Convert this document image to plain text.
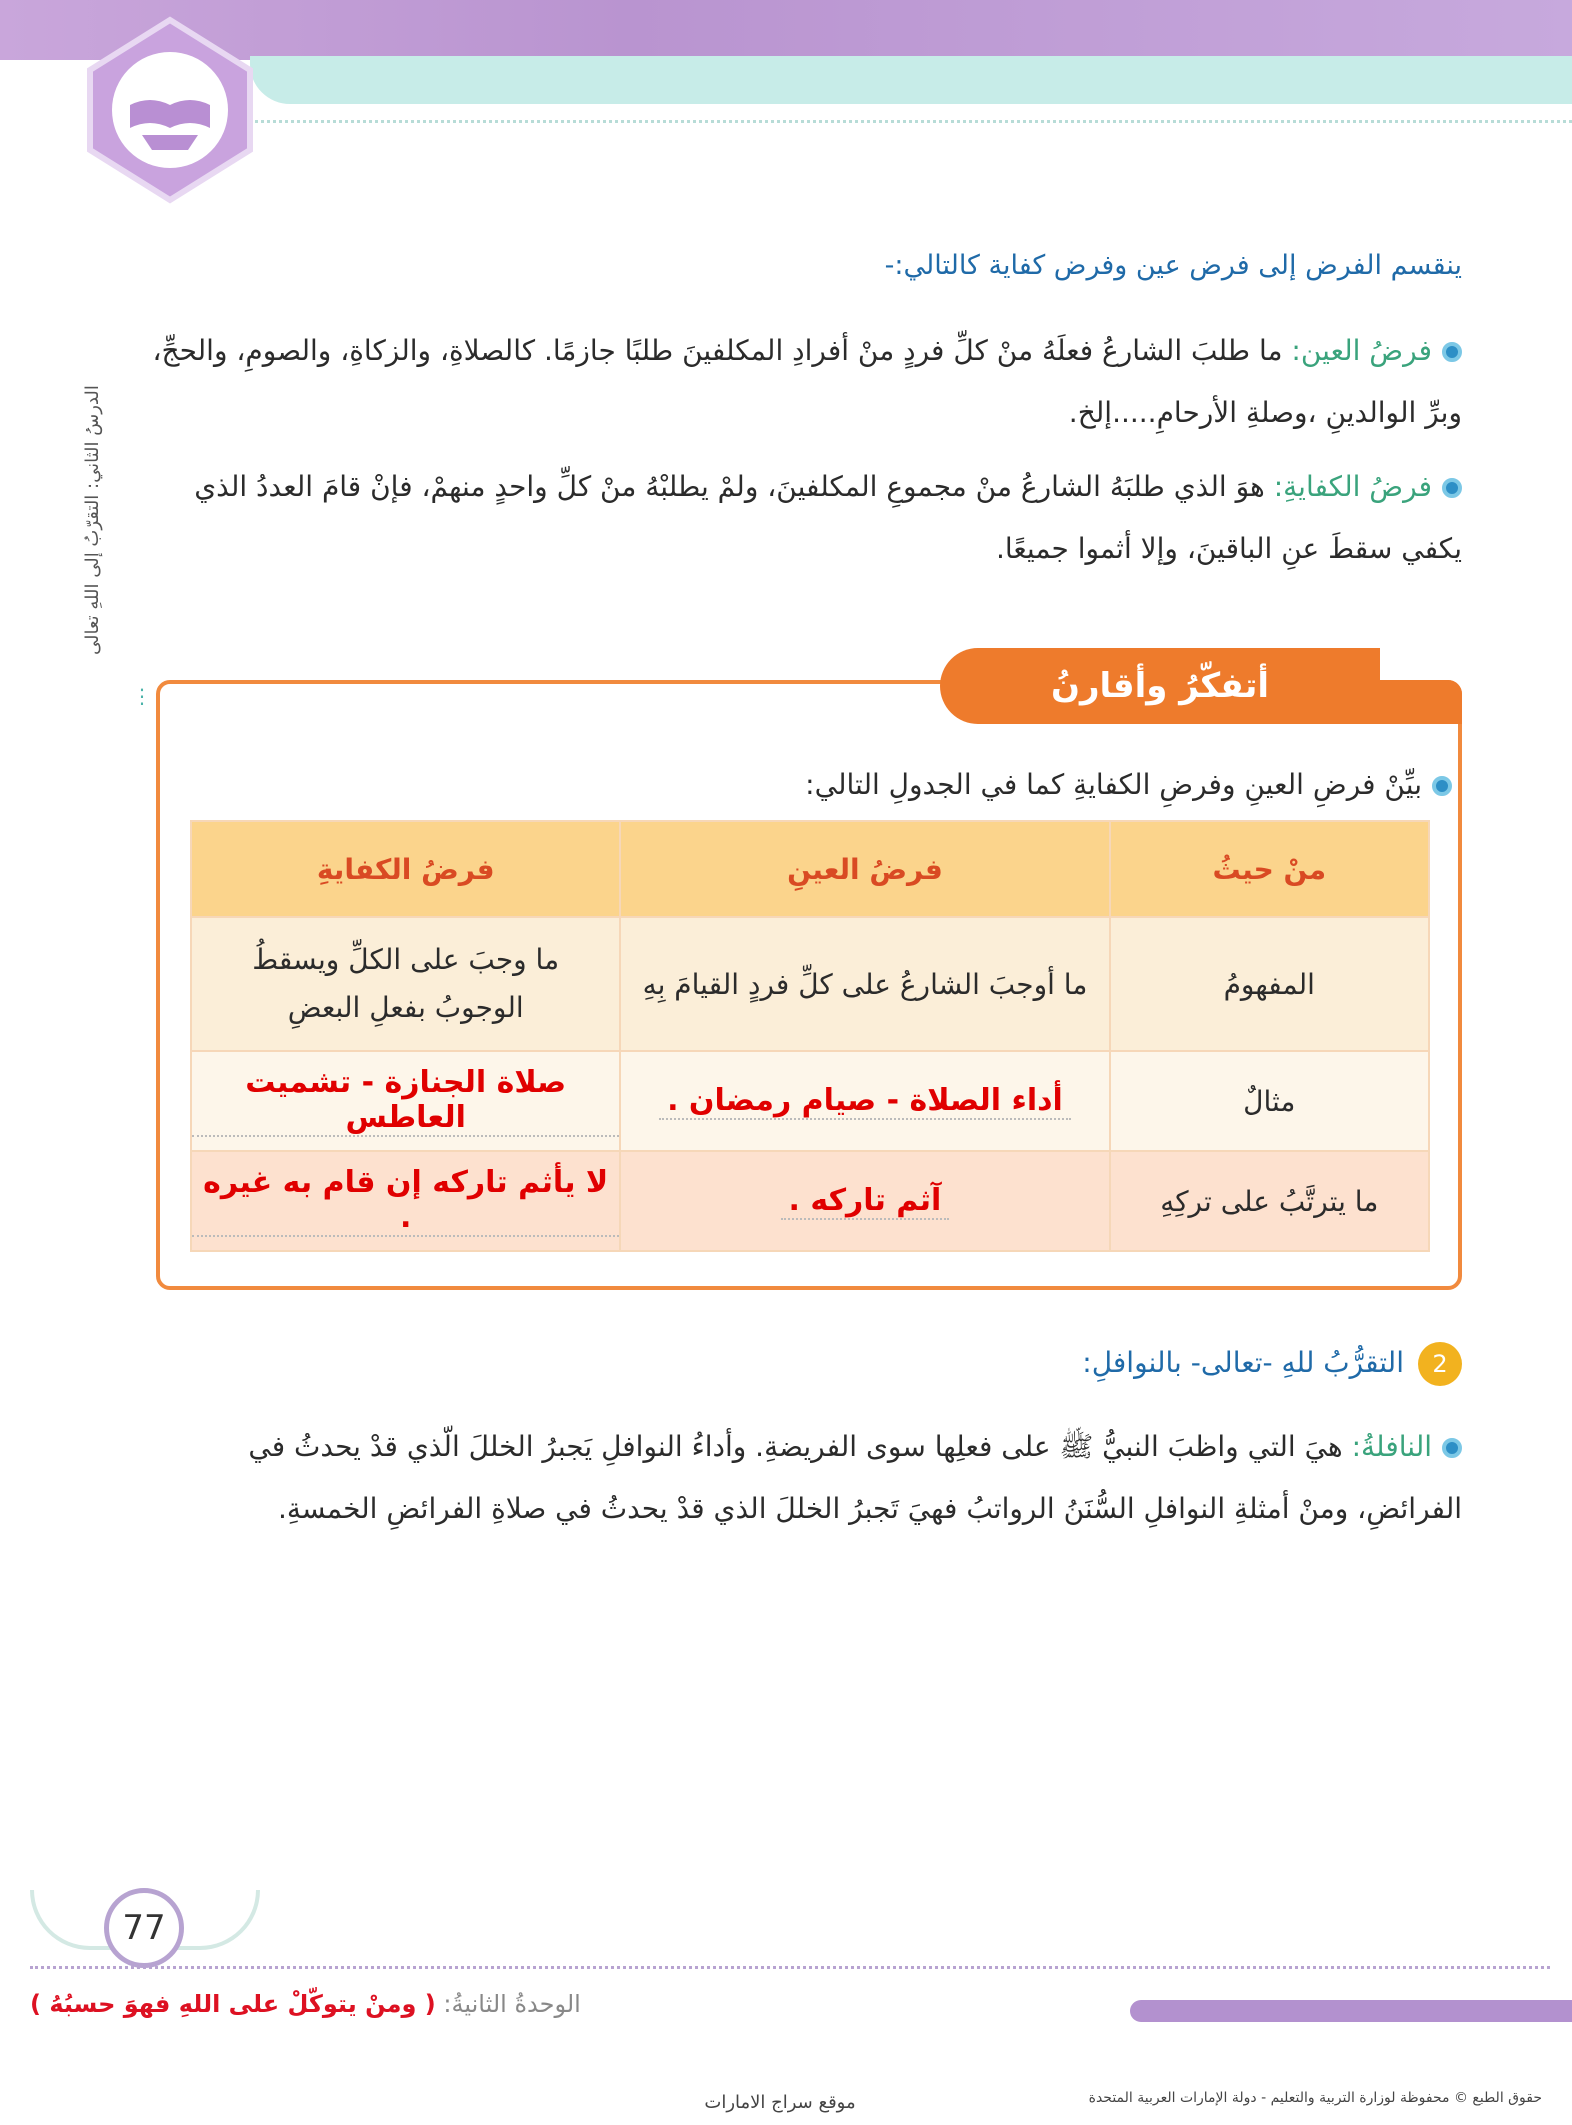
الدرسُ الثاني: التقرّبُ إلى اللهِ تعالى
⋮
ينقسم الفرض إلى فرض عين وفرض كفاية كالتالي:-
فرضُ العين: ما طلبَ الشارعُ فعلَهُ منْ كلِّ فردٍ منْ أفرادِ المكلفينَ طلبًا جازمًا. كالصلاةِ، والزكاةِ، والصومِ، والحجِّ، وبرِّ الوالدينِ ،وصلةِ الأرحامِ.....إلخ.
فرضُ الكفايةِ: هوَ الذي طلبَهُ الشارعُ منْ مجموعِ المكلفينَ، ولمْ يطلبْهُ منْ كلِّ واحدٍ منهمْ، فإنْ قامَ العددُ الذي يكفي سقطَ عنِ الباقينَ، وإلا أثموا جميعًا.
أتفكّرُ وأقارنُ
بيِّنْ فرضِ العينِ وفرضِ الكفايةِ كما في الجدولِ التالي:
منْ حيثُ	فرضُ العينِ	فرضُ الكفايةِ
المفهومُ	ما أوجبَ الشارعُ على كلِّ فردٍ القيامَ بِهِ	ما وجبَ على الكلِّ ويسقطُ الوجوبُ بفعلِ البعضِ
مثالٌ	أداء الصلاة - صيام رمضان .	صلاة الجنازة - تشميت العاطس
ما يترتَّبُ على تركِهِ	آثم تاركه .	لا يأثم تاركه إن قام به غيره .
2التقرُّبُ للهِ -تعالى- بالنوافلِ:
النافلةُ: هيَ التي واظبَ النبيُّ ﷺ على فعلِها سوى الفريضةِ. وأداءُ النوافلِ يَجبرُ الخللَ الّذي قدْ يحدثُ في الفرائضِ، ومنْ أمثلةِ النوافلِ السُّنَنُ الرواتبُ فهيَ تَجبرُ الخللَ الذي قدْ يحدثُ في صلاةِ الفرائضِ الخمسةِ.
77
الوحدةُ الثانيةُ: ( ومنْ يتوكّلْ على اللهِ فهوَ حسبُهُ )
حقوق الطبع © محفوظة لوزارة التربية والتعليم - دولة الإمارات العربية المتحدة
موقع سراج الامارات
